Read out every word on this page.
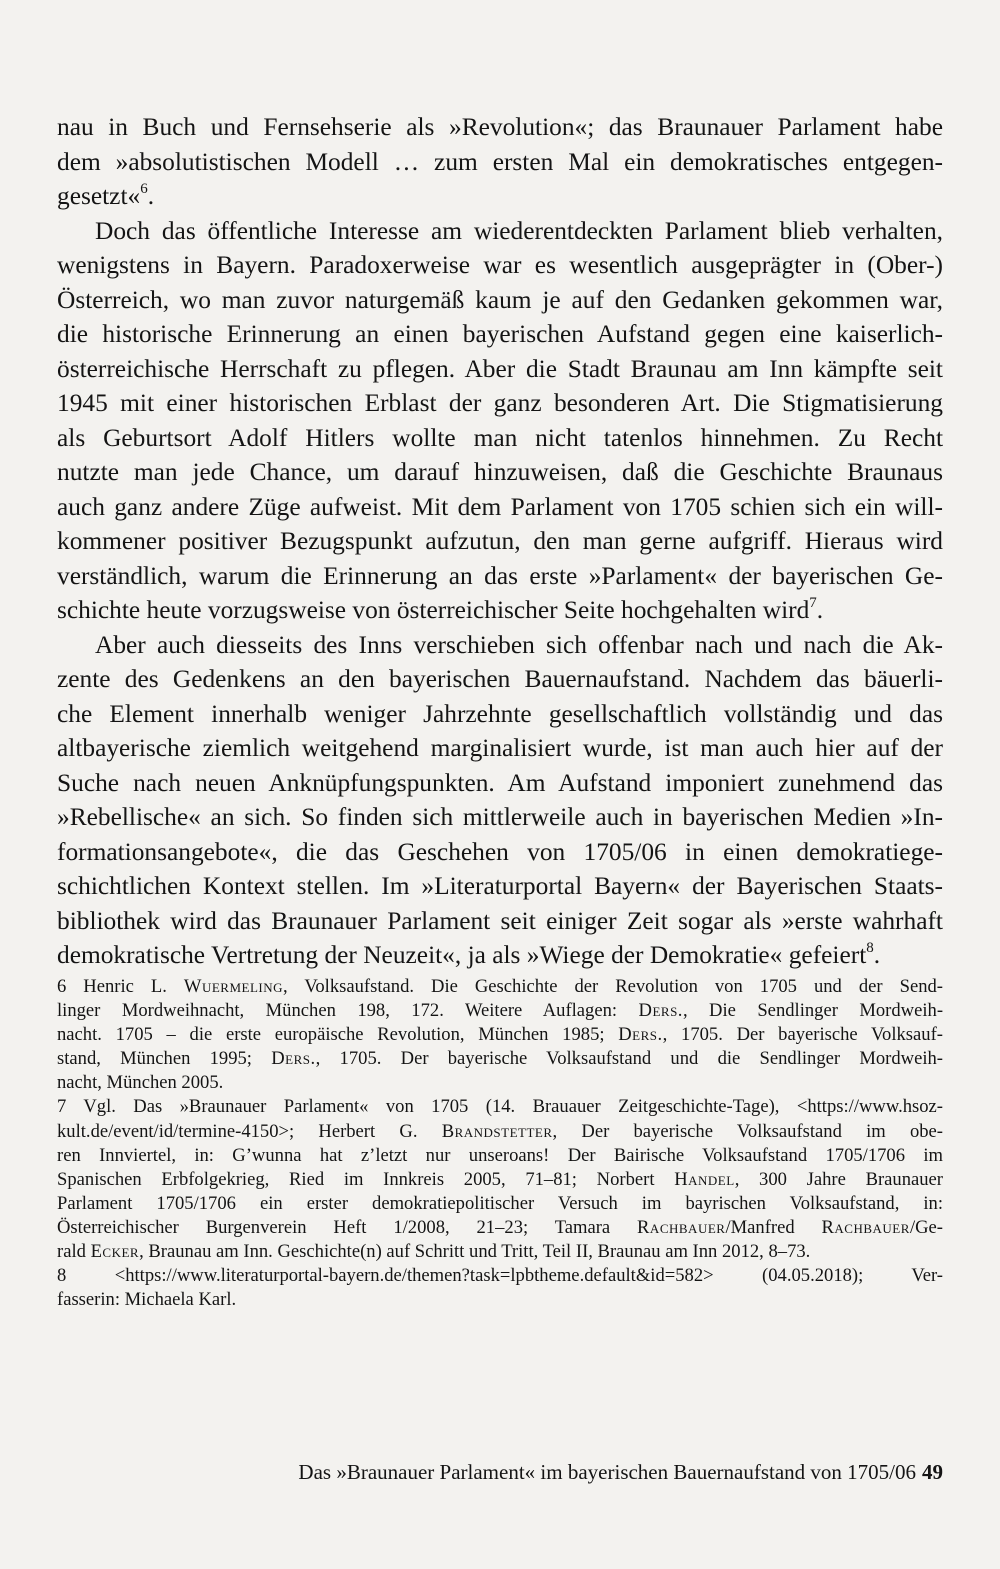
nau in Buch und Fernsehserie als »Revolution«; das Braunauer Parlament habe
dem »absolutistischen Modell … zum ersten Mal ein demokratisches entgegen-
gesetzt«$^6$.
Doch das öffentliche Interesse am wiederentdeckten Parlament blieb verhalten,
wenigstens in Bayern. Paradoxerweise war es wesentlich ausgeprägter in (Ober-)
Österreich, wo man zuvor naturgemäß kaum je auf den Gedanken gekommen war,
die historische Erinnerung an einen bayerischen Aufstand gegen eine kaiserlich-
österreichische Herrschaft zu pflegen. Aber die Stadt Braunau am Inn kämpfte seit
1945 mit einer historischen Erblast der ganz besonderen Art. Die Stigmatisierung
als Geburtsort Adolf Hitlers wollte man nicht tatenlos hinnehmen. Zu Recht
nutzte man jede Chance, um darauf hinzuweisen, daß die Geschichte Braunaus
auch ganz andere Züge aufweist. Mit dem Parlament von 1705 schien sich ein will-
kommener positiver Bezugspunkt aufzutun, den man gerne aufgriff. Hieraus wird
verständlich, warum die Erinnerung an das erste »Parlament« der bayerischen Ge-
schichte heute vorzugsweise von österreichischer Seite hochgehalten wird$^7$.
Aber auch diesseits des Inns verschieben sich offenbar nach und nach die Ak-
zente des Gedenkens an den bayerischen Bauernaufstand. Nachdem das bäuerli-
che Element innerhalb weniger Jahrzehnte gesellschaftlich vollständig und das
altbayerische ziemlich weitgehend marginalisiert wurde, ist man auch hier auf der
Suche nach neuen Anknüpfungspunkten. Am Aufstand imponiert zunehmend das
»Rebellische« an sich. So finden sich mittlerweile auch in bayerischen Medien »In-
formationsangebote«, die das Geschehen von 1705/06 in einen demokratiege-
schichtlichen Kontext stellen. Im »Literaturportal Bayern« der Bayerischen Staats-
bibliothek wird das Braunauer Parlament seit einiger Zeit sogar als »erste wahrhaft
demokratische Vertretung der Neuzeit«, ja als »Wiege der Demokratie« gefeiert$^8$.
6 Henric L. Wuermeling, Volksaufstand. Die Geschichte der Revolution von 1705 und der Send-
linger Mordweihnacht, München 198, 172. Weitere Auflagen: Ders., Die Sendlinger Mordweih-
nacht. 1705 – die erste europäische Revolution, München 1985; Ders., 1705. Der bayerische Volksauf-
stand, München 1995; Ders., 1705. Der bayerische Volksaufstand und die Sendlinger Mordweih-
nacht, München 2005.
7 Vgl. Das »Braunauer Parlament« von 1705 (14. Brauauer Zeitgeschichte-Tage), <https://www.hsoz-
kult.de/event/id/termine-4150>; Herbert G. Brandstetter, Der bayerische Volksaufstand im obe-
ren Innviertel, in: G’wunna hat z’letzt nur unseroans! Der Bairische Volksaufstand 1705/1706 im
Spanischen Erbfolgekrieg, Ried im Innkreis 2005, 71–81; Norbert Handel, 300 Jahre Braunauer
Parlament 1705/1706 ein erster demokratiepolitischer Versuch im bayrischen Volksaufstand, in:
Österreichischer Burgenverein Heft 1/2008, 21–23; Tamara Rachbauer/Manfred Rachbauer/Ge-
rald Ecker, Braunau am Inn. Geschichte(n) auf Schritt und Tritt, Teil II, Braunau am Inn 2012, 8–73.
8 <https://www.literaturportal-bayern.de/themen?task=lpbtheme.default&id=582> (04.05.2018); Ver-
fasserin: Michaela Karl.
Das »Braunauer Parlament« im bayerischen Bauernaufstand von 1705/06 49
